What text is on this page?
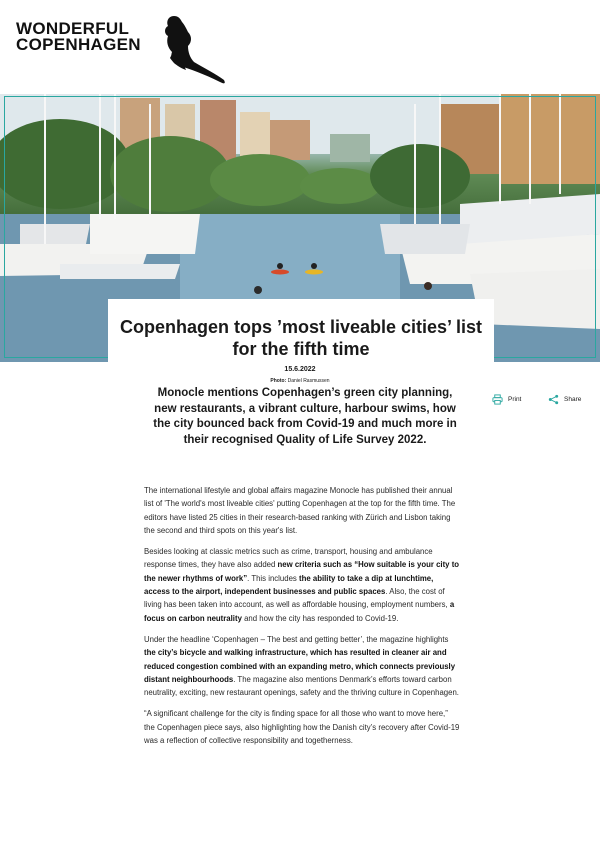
WONDERFUL
COPENHAGEN
Copenhagen tops ’most liveable cities’ list for the fifth time
15.6.2022
Photo: Daniel Rasmussen

Monocle mentions Copenhagen’s green city planning, new restaurants, a vibrant culture, harbour swims, how the city bounced back from Covid-19 and much more in their recognised Quality of Life Survey 2022.

Print	Share

The international lifestyle and global affairs magazine Monocle has published their annual list of 'The world's most liveable cities' putting Copenhagen at the top for the fifth time. The editors have listed 25 cities in their research-based ranking with Zürich and Lisbon taking the second and third spots on this year's list.

Besides looking at classic metrics such as crime, transport, housing and ambulance response times, they have also added new criteria such as “How suitable is your city to the newer rhythms of work”. This includes the ability to take a dip at lunchtime, access to the airport, independent businesses and public spaces. Also, the cost of living has been taken into account, as well as affordable housing, employment numbers, a focus on carbon neutrality and how the city has responded to Covid-19.

Under the headline ‘Copenhagen – The best and getting better’, the magazine highlights the city’s bicycle and walking infrastructure, which has resulted in cleaner air and reduced congestion combined with an expanding metro, which connects previously distant neighbourhoods. The magazine also mentions Denmark’s efforts toward carbon neutrality, exciting, new restaurant openings, safety and the thriving culture in Copenhagen.

“A significant challenge for the city is finding space for all those who want to move here,” the Copenhagen piece says, also highlighting how the Danish city’s recovery after Covid-19 was a reflection of collective responsibility and togetherness.
